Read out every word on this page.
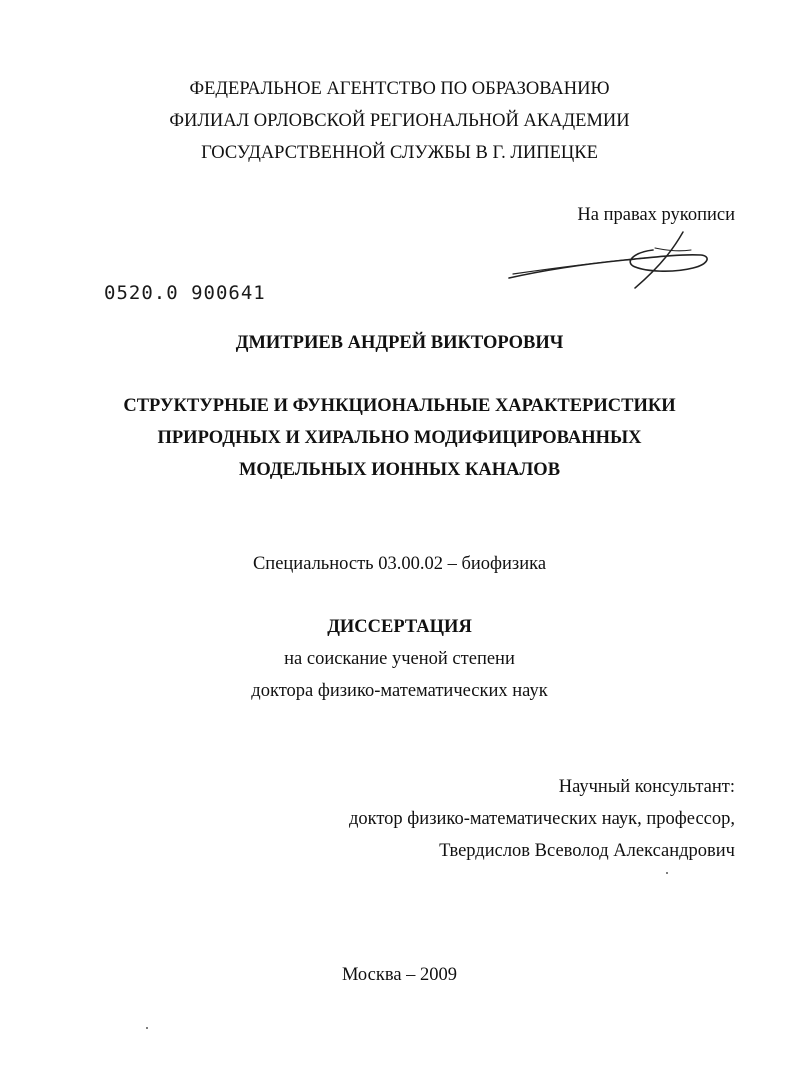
ФЕДЕРАЛЬНОЕ АГЕНТСТВО ПО ОБРАЗОВАНИЮ
ФИЛИАЛ ОРЛОВСКОЙ РЕГИОНАЛЬНОЙ АКАДЕМИИ
ГОСУДАРСТВЕННОЙ СЛУЖБЫ В Г. ЛИПЕЦКЕ
На правах рукописи
0520.0 900641
ДМИТРИЕВ АНДРЕЙ ВИКТОРОВИЧ
СТРУКТУРНЫЕ И ФУНКЦИОНАЛЬНЫЕ ХАРАКТЕРИСТИКИ
ПРИРОДНЫХ И ХИРАЛЬНО МОДИФИЦИРОВАННЫХ
МОДЕЛЬНЫХ ИОННЫХ КАНАЛОВ
Специальность 03.00.02 – биофизика
ДИССЕРТАЦИЯ
на соискание ученой степени
доктора физико-математических наук
Научный консультант:
доктор физико-математических наук, профессор,
Твердислов Всеволод Александрович
Москва – 2009
